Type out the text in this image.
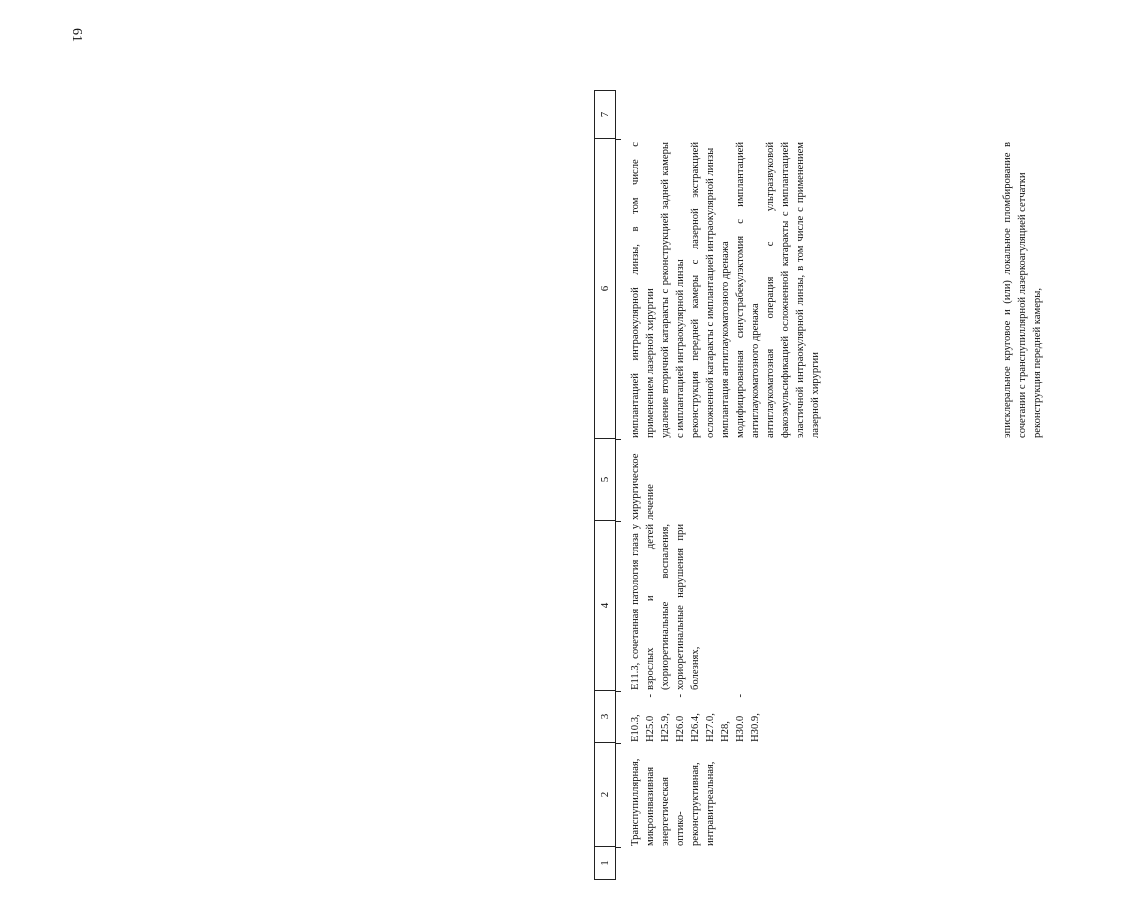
61
1
2
3
4
5
6
7

Транспупиллярная, микроинвазивная энергетическая оптико-реконструктивная, интравитреальная,

E10.3, H25.0 - H25.9, H26.0 - H26.4, H27.0, H28, H30.0 - H30.9,

E11.3, сочетанная патология глаза у взрослых и детей (хориоретинальные воспаления, хориоретинальные нарушения при болезнях,

хирургическое лечение

имплантацией интраокулярной линзы, в том числе с применением лазерной хирургии
удаление вторичной катаракты с реконструкцией задней камеры с имплантацией интраокулярной линзы
реконструкция передней камеры с лазерной экстракцией осложненной катаракты с имплантацией интраокулярной линзы
имплантация антиглаукоматозного дренажа
модифицированная синустрабекулэктомия с имплантацией антиглаукоматозного дренажа
антиглаукоматозная операция с ультразвуковой факоэмульсификацией осложненной катаракты с имплантацией эластичной интраокулярной линзы, в том числе с применением лазерной хирургии	эписклеральное круговое и (или) локальное пломбирование в сочетании с транспупиллярной лазеркоагуляцией сетчатки
реконструкция передней камеры,
